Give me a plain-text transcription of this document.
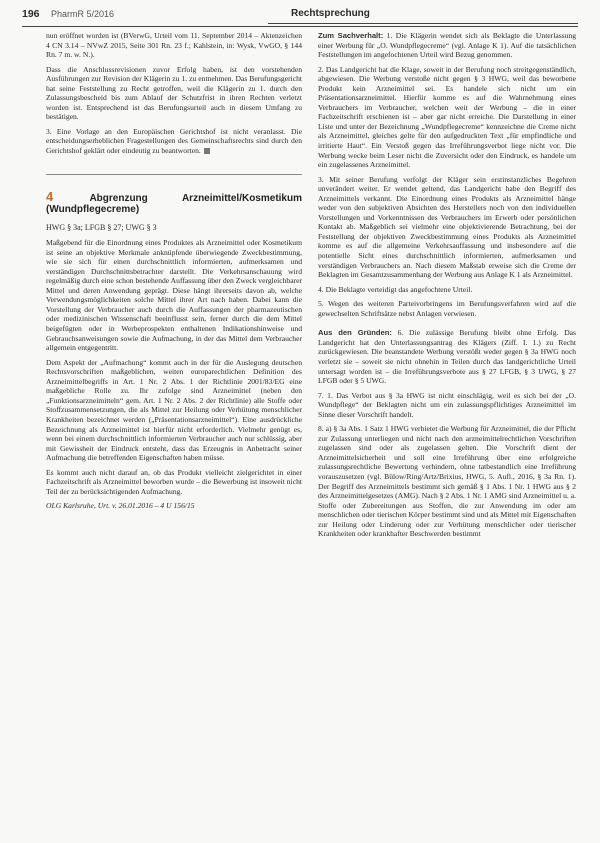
196 PharmR 5/2016	Rechtsprechung

nun eröffnet worden ist (BVerwG, Urteil vom 11. September 2014 – Aktenzeichen 4 CN 3.14 – NVwZ 2015, Seite 301 Rn. 23 f.; Kahlstein, in: Wysk, VwGO, § 144 Rn. 7 m. w. N.).

Dass die Anschlussrevisionen zuvor Erfolg haben, ist den vorstehenden Ausführungen zur Revision der Klägerin zu 1. zu entnehmen. Das Berufungsgericht hat seine Feststellung zu Recht getroffen, weil die Klägerin zu 1. durch den Zulassungsbescheid bis zum Ablauf der Schutzfrist in ihren Rechten verletzt worden ist. Entsprechend ist das Berufungsurteil auch in diesem Umfang zu bestätigen.

3. Eine Vorlage an den Europäischen Gerichtshof ist nicht veranlasst. Die entscheidungserheblichen Fragestellungen des Gemeinschaftsrechts sind durch den Gerichtshof geklärt oder eindeutig zu beantworten.

4	Abgrenzung Arzneimittel/Kosmetikum (Wundpflegecreme)
HWG § 3a; LFGB § 27; UWG § 3

Maßgebend für die Einordnung eines Produktes als Arzneimittel oder Kosmetikum ist seine an objektive Merkmale anknüpfende überwiegende Zweckbestimmung, wie sie sich für einen durchschnittlich informierten, aufmerksamen und verständigen Durchschnittsbetrachter darstellt. Die Verkehrsanschauung wird regelmäßig durch eine schon bestehende Auffassung über den Zweck vergleichbarer Mittel und deren Anwendung geprägt. Diese hängt ihrerseits davon ab, welche Verwendungsmöglichkeiten solche Mittel ihrer Art nach haben. Dabei kann die Vorstellung der Verbraucher auch durch die Auffassungen der pharmazeutischen oder medizinischen Wissenschaft beeinflusst sein, ferner durch die dem Mittel beigefügten oder in Werbeprospekten enthaltenen Indikationshinweise und Gebrauchsanweisungen sowie die Aufmachung, in der das Mittel dem Verbraucher allgemein entgegentritt.

Dem Aspekt der „Aufmachung“ kommt auch in der für die Auslegung deutschen Rechtsvorschriften maßgeblichen, weiten europarechtlichen Definition des Arzneimittelbegriffs in Art. 1 Nr. 2 Abs. 1 der Richtlinie 2001/83/EG eine maßgebliche Rolle zu. Ihr zufolge sind Arzneimittel (neben den „Funktionsarzneimitteln“ gem. Art. 1 Nr. 2 Abs. 2 der Richtlinie) alle Stoffe oder Stoffzusammensetzungen, die als Mittel zur Heilung oder Verhütung menschlicher Krankheiten bezeichnet werden („Präsentationsarzneimittel“). Eine ausdrückliche Bezeichnung als Arzneimittel ist hierfür nicht erforderlich. Vielmehr genügt es, wenn bei einem durchschnittlich informierten Verbraucher auch nur schlüssig, aber mit Gewissheit der Eindruck entsteht, dass das Erzeugnis in Anbetracht seiner Aufmachung die betreffenden Eigenschaften haben müsse.

Es kommt auch nicht darauf an, ob das Produkt vielleicht zielgerichtet in einer Fachzeitschrift als Arzneimittel beworben wurde – die Bewerbung ist insoweit nicht Teil der zu berücksichtigenden Aufmachung.

OLG Karlsruhe, Urt. v. 26.01.2016 – 4 U 156/15

Zum Sachverhalt: 1. Die Klägerin wendet sich als Beklagte die Unterlassung einer Werbung für „O. Wundpflegecreme“ (vgl. Anlage K 1). Auf die tatsächlichen Feststellungen im angefochtenen Urteil wird Bezug genommen.

2. Das Landgericht hat die Klage, soweit in der Berufung noch streitgegenständlich, abgewiesen. Die Werbung verstoße nicht gegen § 3 HWG, weil das beworbene Produkt kein Arzneimittel sei. Es handele sich nicht um ein Präsentationsarzneimittel. Hierfür komme es auf die Wahrnehmung eines Verbrauchers im Verbraucher, welchen weit der Werbung – die in einer Fachzeitschrift erschienen ist – aber gar nicht erreiche. Die Darstellung in einer Liste und unter der Bezeichnung „Wundpflegecreme“ kennzeichne die Creme nicht als Arzneimittel, gleiches gelte für den aufgedruckten Text „für empfindliche und irritierte Haut“. Ein Verstoß gegen das Irreführungsverbot liege nicht vor. Die Werbung wecke beim Leser nicht die Zuversicht oder den Eindruck, es handele um ein zugelassenes Arzneimittel.

3. Mit seiner Berufung verfolgt der Kläger sein erstinstanzliches Begehren unverändert weiter. Er wendet geltend, das Landgericht habe den Begriff des Arzneimittels verkannt. Die Einordnung eines Produkts als Arzneimittel hänge weder von den subjektiven Absichten des Herstellers noch von den individuellen Vorstellungen und Vorkenntnissen des Verbrauchers im Erwerb oder persönlichen Kontakt ab. Maßgeblich sei vielmehr eine objektivierende Betrachtung, bei der Feststellung der objektiven Zweckbestimmung eines Produkts als Arzneimittel komme es auf die allgemeine Verkehrsauffassung und insbesondere auf die potentielle Sicht eines durchschnittlich informierten, aufmerksamen und verständigen Verbrauchers an. Nach diesem Maßstab erweise sich die Creme der Beklagten im Gesamtzusammenhang der Werbung aus Anlage K 1 als Arzneimittel.

4. Die Beklagte verteidigt das angefochtene Urteil.

5. Wegen des weiteren Parteivorbringens im Berufungsverfahren wird auf die gewechselten Schriftsätze nebst Anlagen verwiesen.

Aus den Gründen: 6. Die zulässige Berufung bleibt ohne Erfolg. Das Landgericht hat den Unterlassungsantrag des Klägers (Ziff. I. 1.) zu Recht zurückgewiesen. Die beanstandete Werbung verstößt weder gegen § 3a HWG noch verletzt sie – soweit sie nicht ohnehin in Teilen durch das landgerichtliche Urteil untersagt worden ist – die Irreführungsverbote aus § 27 LFGB, § 3 UWG, § 27 LFGB oder § 5 UWG.

7. 1. Das Verbot aus § 3a HWG ist nicht einschlägig, weil es sich bei der „O. Wundpflege“ der Beklagten nicht um ein zulassungspflichtiges Arzneimittel im Sinne dieser Vorschrift handelt.

8. a) § 3a Abs. 1 Satz 1 HWG verbietet die Werbung für Arzneimittel, die der Pflicht zur Zulassung unterliegen und nicht nach den arzneimittelrechtlichen Vorschriften zugelassen sind oder als zugelassen gelten. Die Vorschrift dient der Arzneimittelsicherheit und soll eine Irreführung über eine erfolgreiche zulassungsrechtliche Bewertung verhindern, ohne tatbestandlich eine Irreführung vorauszusetzen (vgl. Bülow/Ring/Artz/Brixius, HWG, 5. Aufl., 2016, § 3a Rn. 1). Der Begriff des Arzneimittels bestimmt sich gemäß § 1 Abs. 1 Nr. 1 HWG aus § 2 des Arzneimittelgesetzes (AMG). Nach § 2 Abs. 1 Nr. 1 AMG sind Arzneimittel u. a. Stoffe oder Zubereitungen aus Stoffen, die zur Anwendung im oder am menschlichen oder tierischen Körper bestimmt sind und als Mittel mit Eigenschaften zur Heilung oder Linderung oder zur Verhütung menschlicher oder tierischer Krankheiten oder krankhafter Beschwerden bestimmt
